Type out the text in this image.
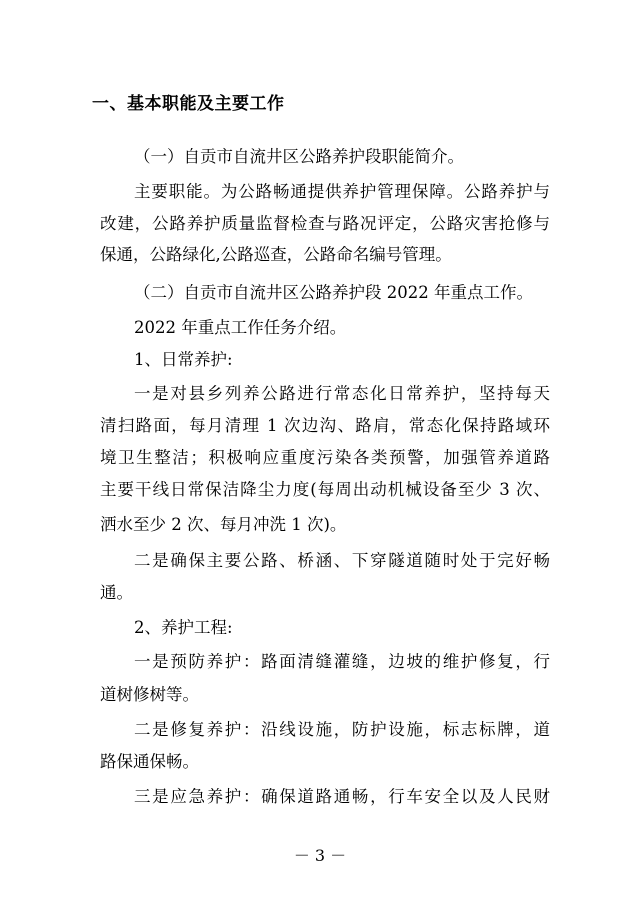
一、基本职能及主要工作

（一）自贡市自流井区公路养护段职能简介。

主要职能。为公路畅通提供养护管理保障。公路养护与

改建，公路养护质量监督检查与路况评定，公路灾害抢修与

保通，公路绿化,公路巡查，公路命名编号管理。

（二）自贡市自流井区公路养护段 2022 年重点工作。

2022 年重点工作任务介绍。

1、日常养护:

一是对县乡列养公路进行常态化日常养护，坚持每天

清扫路面，每月清理 1 次边沟、路肩，常态化保持路域环

境卫生整洁；积极响应重度污染各类预警，加强管养道路

主要干线日常保洁降尘力度(每周出动机械设备至少 3 次、

洒水至少 2 次、每月冲洗 1 次)。

二是确保主要公路、桥涵、下穿隧道随时处于完好畅

通。

2、养护工程:

一是预防养护：路面清缝灌缝，边坡的维护修复，行

道树修树等。

二是修复养护：沿线设施，防护设施，标志标牌，道

路保通保畅。

三是应急养护：确保道路通畅，行车安全以及人民财

－ 3 －
